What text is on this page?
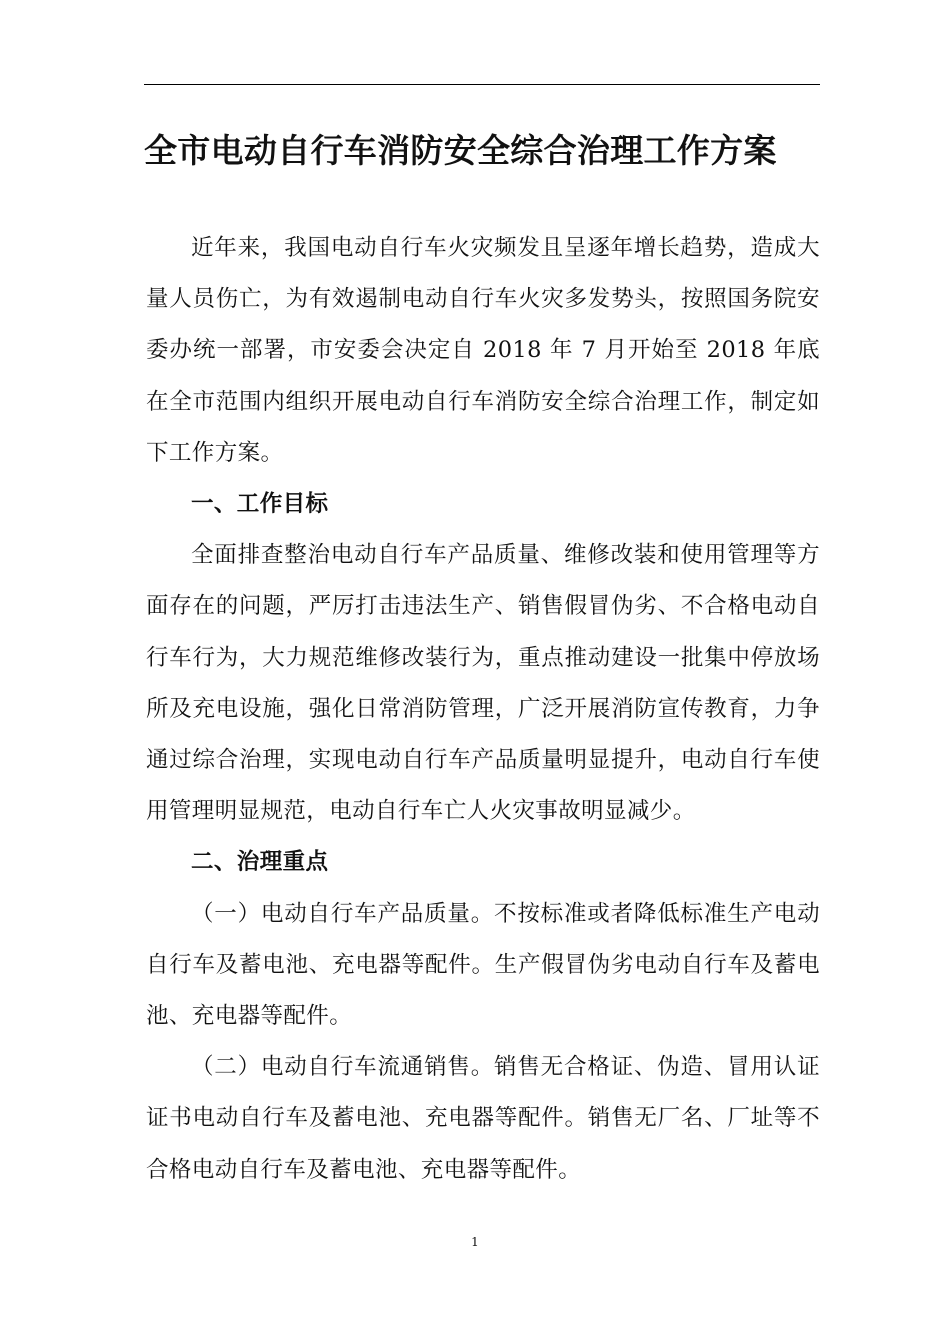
全市电动自行车消防安全综合治理工作方案

近年来，我国电动自行车火灾频发且呈逐年增长趋势，造成大量人员伤亡，为有效遏制电动自行车火灾多发势头，按照国务院安委办统一部署，市安委会决定自 2018 年 7 月开始至 2018 年底在全市范围内组织开展电动自行车消防安全综合治理工作，制定如下工作方案。

一、工作目标

全面排查整治电动自行车产品质量、维修改装和使用管理等方面存在的问题，严厉打击违法生产、销售假冒伪劣、不合格电动自行车行为，大力规范维修改装行为，重点推动建设一批集中停放场所及充电设施，强化日常消防管理，广泛开展消防宣传教育，力争通过综合治理，实现电动自行车产品质量明显提升，电动自行车使用管理明显规范，电动自行车亡人火灾事故明显减少。

二、治理重点

（一）电动自行车产品质量。不按标准或者降低标准生产电动自行车及蓄电池、充电器等配件。生产假冒伪劣电动自行车及蓄电池、充电器等配件。

（二）电动自行车流通销售。销售无合格证、伪造、冒用认证证书电动自行车及蓄电池、充电器等配件。销售无厂名、厂址等不合格电动自行车及蓄电池、充电器等配件。

1
